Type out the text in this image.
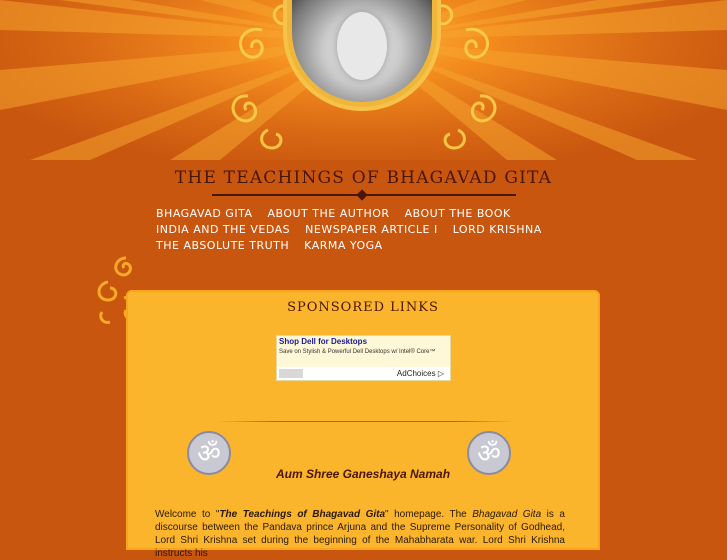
THE TEACHINGS OF BHAGAVAD GITA
BHAGAVAD GITA ABOUT THE AUTHOR ABOUT THE BOOK
INDIA AND THE VEDAS NEWSPAPER ARTICLE I LORD KRISHNA
THE ABSOLUTE TRUTH KARMA YOGA
SPONSORED LINKS
Shop Dell for Desktops
Save on Stylish & Powerful Dell Desktops w/ Intel® Core™
AdChoices ▷
ॐ	ॐ
Aum Shree Ganeshaya Namah

Welcome to "The Teachings of Bhagavad Gita" homepage. The Bhagavad Gita is a discourse between the Pandava prince Arjuna and the Supreme Personality of Godhead, Lord Shri Krishna set during the beginning of the Mahabharata war. Lord Shri Krishna instructs his
